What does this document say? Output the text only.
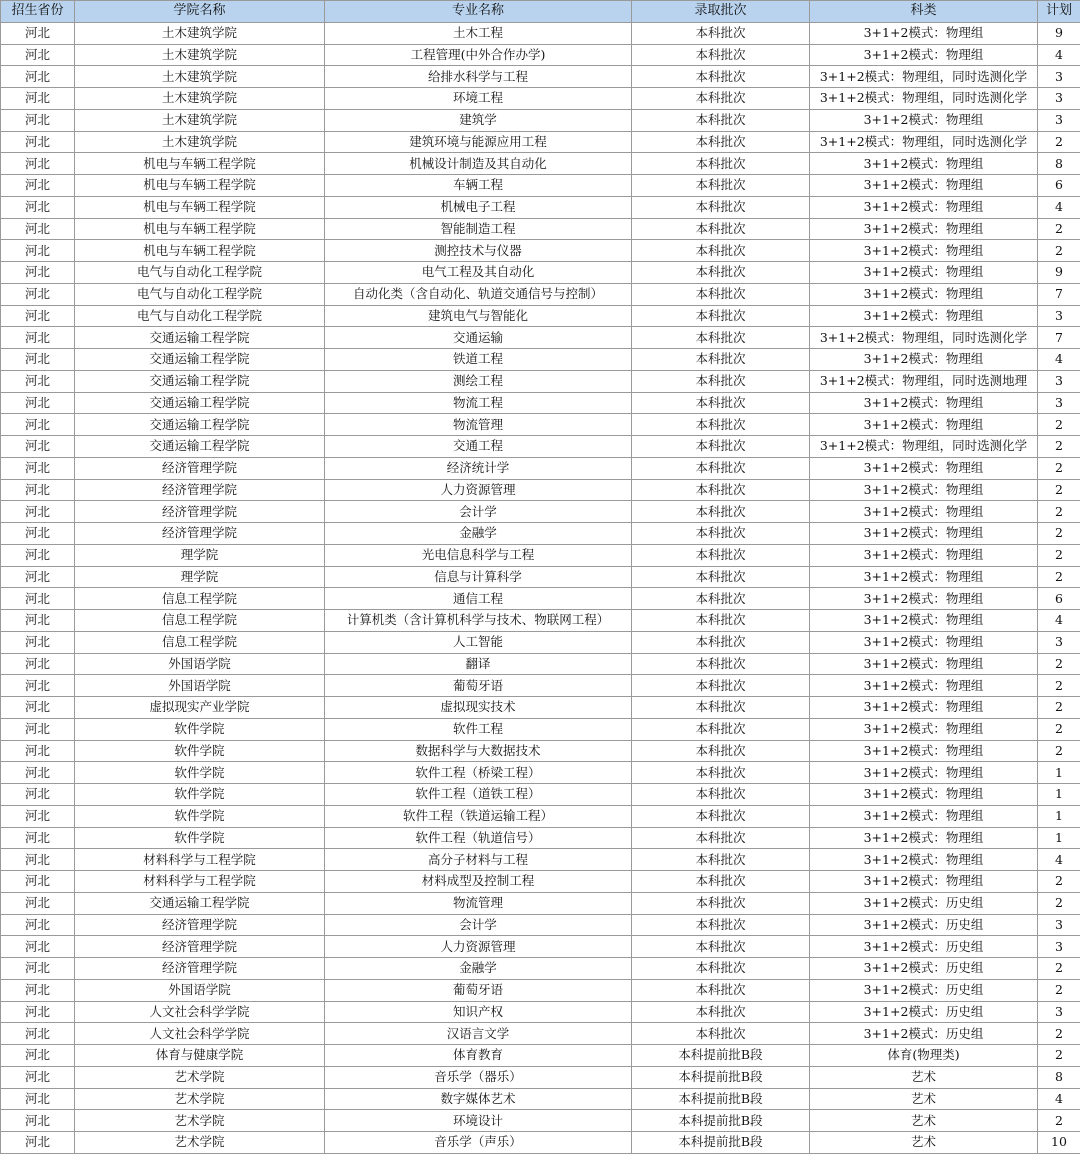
招生省份	学院名称	专业名称	录取批次	科类	计划
河北	土木建筑学院	土木工程	本科批次	3+1+2模式：物理组	9
河北	土木建筑学院	工程管理(中外合作办学)	本科批次	3+1+2模式：物理组	4
河北	土木建筑学院	给排水科学与工程	本科批次	3+1+2模式：物理组，同时选测化学	3
河北	土木建筑学院	环境工程	本科批次	3+1+2模式：物理组，同时选测化学	3
河北	土木建筑学院	建筑学	本科批次	3+1+2模式：物理组	3
河北	土木建筑学院	建筑环境与能源应用工程	本科批次	3+1+2模式：物理组，同时选测化学	2
河北	机电与车辆工程学院	机械设计制造及其自动化	本科批次	3+1+2模式：物理组	8
河北	机电与车辆工程学院	车辆工程	本科批次	3+1+2模式：物理组	6
河北	机电与车辆工程学院	机械电子工程	本科批次	3+1+2模式：物理组	4
河北	机电与车辆工程学院	智能制造工程	本科批次	3+1+2模式：物理组	2
河北	机电与车辆工程学院	测控技术与仪器	本科批次	3+1+2模式：物理组	2
河北	电气与自动化工程学院	电气工程及其自动化	本科批次	3+1+2模式：物理组	9
河北	电气与自动化工程学院	自动化类（含自动化、轨道交通信号与控制）	本科批次	3+1+2模式：物理组	7
河北	电气与自动化工程学院	建筑电气与智能化	本科批次	3+1+2模式：物理组	3
河北	交通运输工程学院	交通运输	本科批次	3+1+2模式：物理组，同时选测化学	7
河北	交通运输工程学院	铁道工程	本科批次	3+1+2模式：物理组	4
河北	交通运输工程学院	测绘工程	本科批次	3+1+2模式：物理组，同时选测地理	3
河北	交通运输工程学院	物流工程	本科批次	3+1+2模式：物理组	3
河北	交通运输工程学院	物流管理	本科批次	3+1+2模式：物理组	2
河北	交通运输工程学院	交通工程	本科批次	3+1+2模式：物理组，同时选测化学	2
河北	经济管理学院	经济统计学	本科批次	3+1+2模式：物理组	2
河北	经济管理学院	人力资源管理	本科批次	3+1+2模式：物理组	2
河北	经济管理学院	会计学	本科批次	3+1+2模式：物理组	2
河北	经济管理学院	金融学	本科批次	3+1+2模式：物理组	2
河北	理学院	光电信息科学与工程	本科批次	3+1+2模式：物理组	2
河北	理学院	信息与计算科学	本科批次	3+1+2模式：物理组	2
河北	信息工程学院	通信工程	本科批次	3+1+2模式：物理组	6
河北	信息工程学院	计算机类（含计算机科学与技术、物联网工程）	本科批次	3+1+2模式：物理组	4
河北	信息工程学院	人工智能	本科批次	3+1+2模式：物理组	3
河北	外国语学院	翻译	本科批次	3+1+2模式：物理组	2
河北	外国语学院	葡萄牙语	本科批次	3+1+2模式：物理组	2
河北	虚拟现实产业学院	虚拟现实技术	本科批次	3+1+2模式：物理组	2
河北	软件学院	软件工程	本科批次	3+1+2模式：物理组	2
河北	软件学院	数据科学与大数据技术	本科批次	3+1+2模式：物理组	2
河北	软件学院	软件工程（桥梁工程）	本科批次	3+1+2模式：物理组	1
河北	软件学院	软件工程（道铁工程）	本科批次	3+1+2模式：物理组	1
河北	软件学院	软件工程（铁道运输工程）	本科批次	3+1+2模式：物理组	1
河北	软件学院	软件工程（轨道信号）	本科批次	3+1+2模式：物理组	1
河北	材料科学与工程学院	高分子材料与工程	本科批次	3+1+2模式：物理组	4
河北	材料科学与工程学院	材料成型及控制工程	本科批次	3+1+2模式：物理组	2
河北	交通运输工程学院	物流管理	本科批次	3+1+2模式：历史组	2
河北	经济管理学院	会计学	本科批次	3+1+2模式：历史组	3
河北	经济管理学院	人力资源管理	本科批次	3+1+2模式：历史组	3
河北	经济管理学院	金融学	本科批次	3+1+2模式：历史组	2
河北	外国语学院	葡萄牙语	本科批次	3+1+2模式：历史组	2
河北	人文社会科学学院	知识产权	本科批次	3+1+2模式：历史组	3
河北	人文社会科学学院	汉语言文学	本科批次	3+1+2模式：历史组	2
河北	体育与健康学院	体育教育	本科提前批B段	体育(物理类)	2
河北	艺术学院	音乐学（器乐）	本科提前批B段	艺术	8
河北	艺术学院	数字媒体艺术	本科提前批B段	艺术	4
河北	艺术学院	环境设计	本科提前批B段	艺术	2
河北	艺术学院	音乐学（声乐）	本科提前批B段	艺术	10
